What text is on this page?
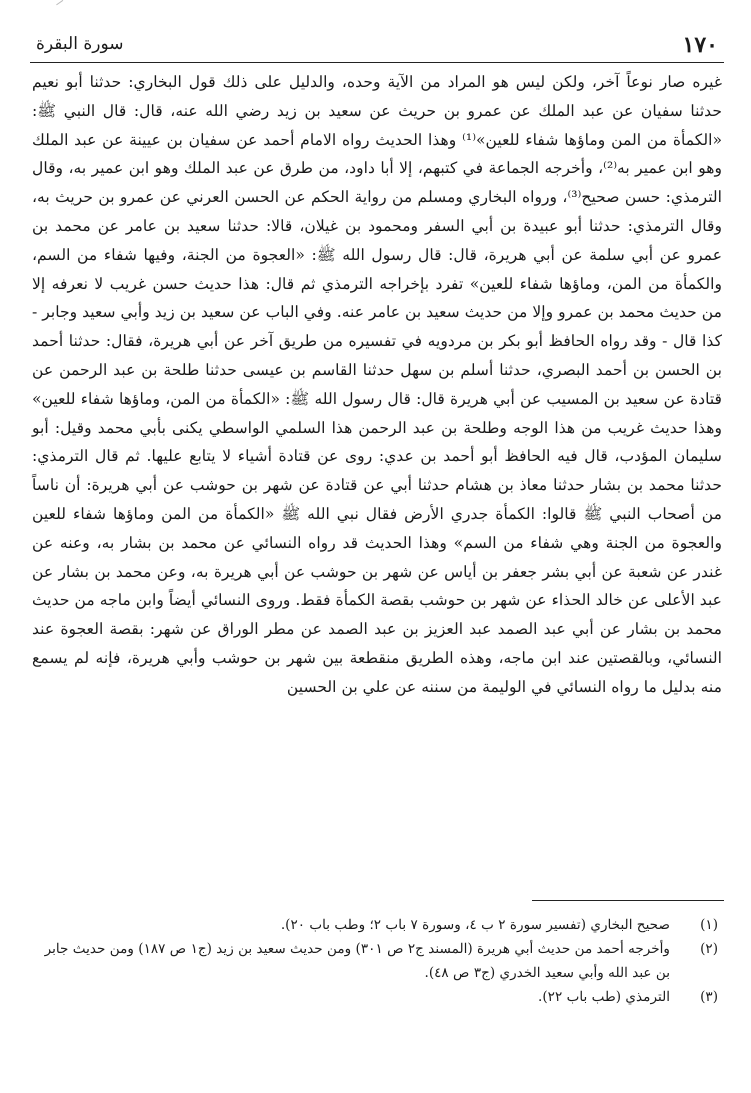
١٧٠
سورة البقرة

غيره صار نوعاً آخر، ولكن ليس هو المراد من الآية وحده، والدليل على ذلك قول البخاري: حدثنا أبو نعيم حدثنا سفيان عن عبد الملك عن عمرو بن حريث عن سعيد بن زيد رضي الله عنه، قال: قال النبي ﷺ: «الكمأة من المن وماؤها شفاء للعين»⁽¹⁾ وهذا الحديث رواه الامام أحمد عن سفيان بن عيينة عن عبد الملك وهو ابن عمير به⁽²⁾، وأخرجه الجماعة في كتبهم، إلا أبا داود، من طرق عن عبد الملك وهو ابن عمير به، وقال الترمذي: حسن صحيح⁽³⁾، ورواه البخاري ومسلم من رواية الحكم عن الحسن العرني عن عمرو بن حريث به، وقال الترمذي: حدثنا أبو عبيدة بن أبي السفر ومحمود بن غيلان، قالا: حدثنا سعيد بن عامر عن محمد بن عمرو عن أبي سلمة عن أبي هريرة، قال: قال رسول الله ﷺ: «العجوة من الجنة، وفيها شفاء من السم، والكمأة من المن، وماؤها شفاء للعين» تفرد بإخراجه الترمذي ثم قال: هذا حديث حسن غريب لا نعرفه إلا من حديث محمد بن عمرو وإلا من حديث سعيد بن عامر عنه. وفي الباب عن سعيد بن زيد وأبي سعيد وجابر - كذا قال - وقد رواه الحافظ أبو بكر بن مردويه في تفسيره من طريق آخر عن أبي هريرة، فقال: حدثنا أحمد بن الحسن بن أحمد البصري، حدثنا أسلم بن سهل حدثنا القاسم بن عيسى حدثنا طلحة بن عبد الرحمن عن قتادة عن سعيد بن المسيب عن أبي هريرة قال: قال رسول الله ﷺ: «الكمأة من المن، وماؤها شفاء للعين» وهذا حديث غريب من هذا الوجه وطلحة بن عبد الرحمن هذا السلمي الواسطي يكنى بأبي محمد وقيل: أبو سليمان المؤدب، قال فيه الحافظ أبو أحمد بن عدي: روى عن قتادة أشياء لا يتابع عليها. ثم قال الترمذي: حدثنا محمد بن بشار حدثنا معاذ بن هشام حدثنا أبي عن قتادة عن شهر بن حوشب عن أبي هريرة: أن ناساً من أصحاب النبي ﷺ قالوا: الكمأة جدري الأرض فقال نبي الله ﷺ «الكمأة من المن وماؤها شفاء للعين والعجوة من الجنة وهي شفاء من السم» وهذا الحديث قد رواه النسائي عن محمد بن بشار به، وعنه عن غندر عن شعبة عن أبي بشر جعفر بن أياس عن شهر بن حوشب عن أبي هريرة به، وعن محمد بن بشار عن عبد الأعلى عن خالد الحذاء عن شهر بن حوشب بقصة الكمأة فقط. وروى النسائي أيضاً وابن ماجه من حديث محمد بن بشار عن أبي عبد الصمد عبد العزيز بن عبد الصمد عن مطر الوراق عن شهر: بقصة العجوة عند النسائي، وبالقصتين عند ابن ماجه، وهذه الطريق منقطعة بين شهر بن حوشب وأبي هريرة، فإنه لم يسمع منه بدليل ما رواه النسائي في الوليمة من سننه عن علي بن الحسين

(١)
صحيح البخاري (تفسير سورة ٢ ب ٤، وسورة ٧ باب ٢؛ وطب باب ٢٠).
(٢)
وأخرجه أحمد من حديث أبي هريرة (المسند ج٢ ص ٣٠١) ومن حديث سعيد بن زيد (ج١ ص ١٨٧) ومن حديث جابر بن عبد الله وأبي سعيد الخدري (ج٣ ص ٤٨).
(٣)
الترمذي (طب باب ٢٢).
